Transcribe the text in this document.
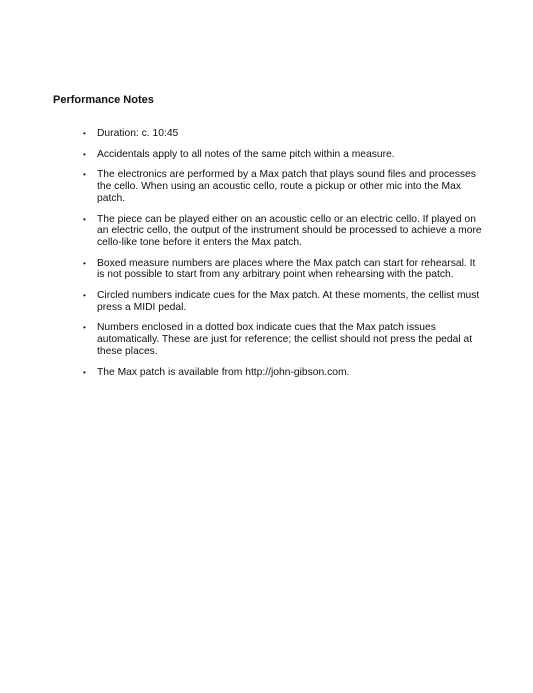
Performance Notes
• Duration: c. 10:45
• Accidentals apply to all notes of the same pitch within a measure.
• The electronics are performed by a Max patch that plays sound files and processes the cello. When using an acoustic cello, route a pickup or other mic into the Max patch.
• The piece can be played either on an acoustic cello or an electric cello. If played on an electric cello, the output of the instrument should be processed to achieve a more cello-like tone before it enters the Max patch.
• Boxed measure numbers are places where the Max patch can start for rehearsal. It is not possible to start from any arbitrary point when rehearsing with the patch.
• Circled numbers indicate cues for the Max patch. At these moments, the cellist must press a MIDI pedal.
• Numbers enclosed in a dotted box indicate cues that the Max patch issues automatically. These are just for reference; the cellist should not press the pedal at these places.
• The Max patch is available from http://john-gibson.com.
